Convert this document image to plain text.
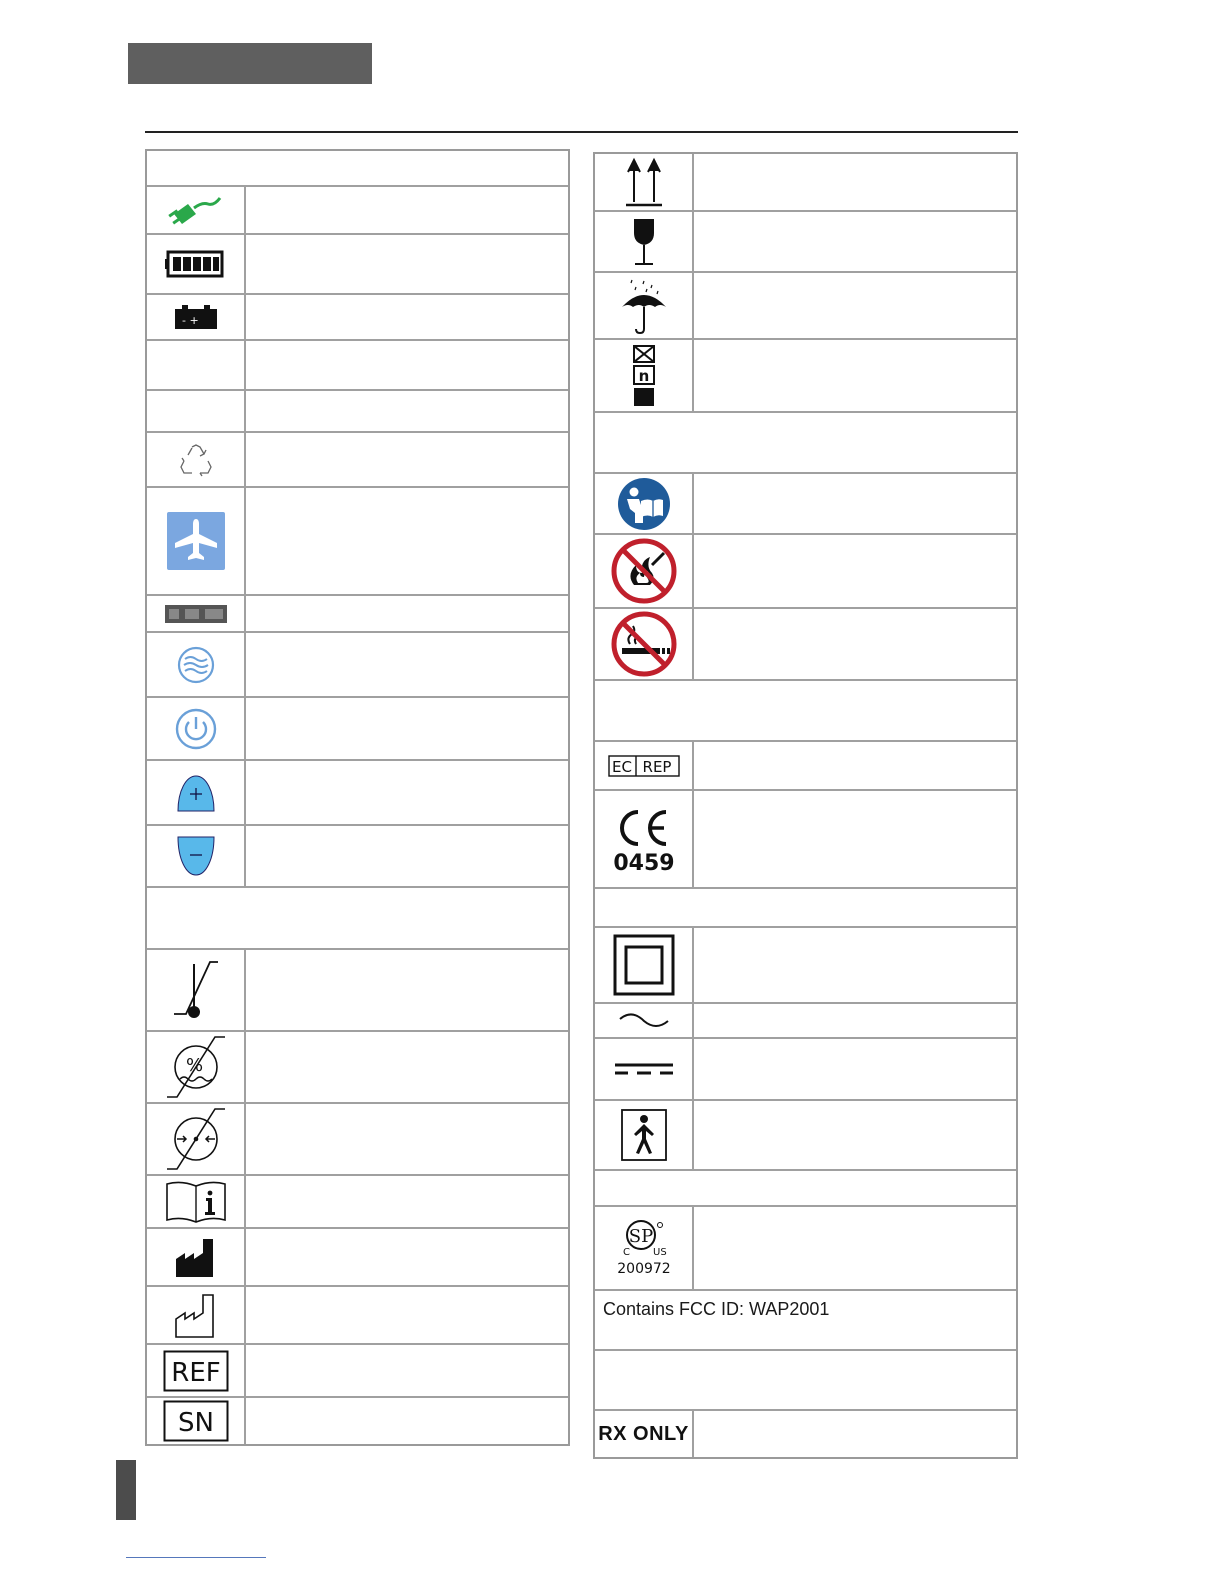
- +
%
REF
SN
n
EC REP
0459
SP
C US
200972
Contains FCC ID: WAP2001
RX ONLY
